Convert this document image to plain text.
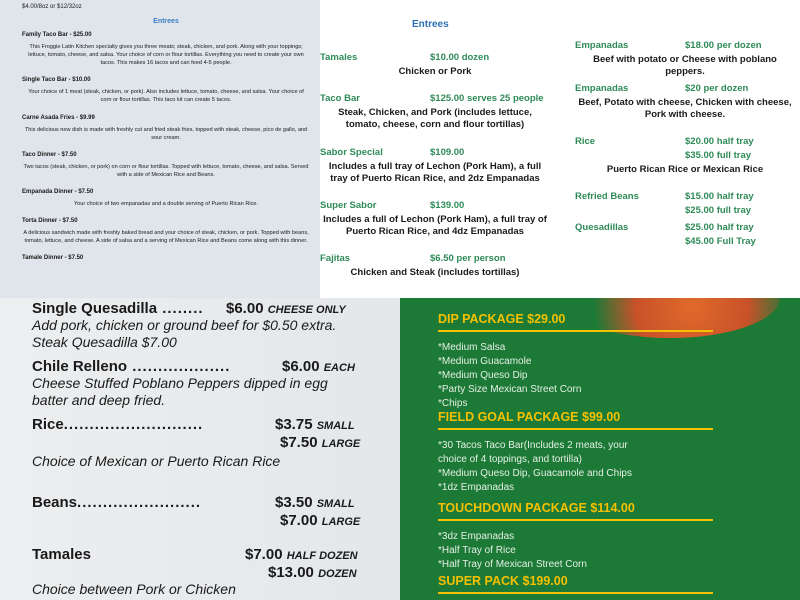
$4.00/8oz or $12/32oz
Entrees
Family Taco Bar - $25.00
This Froggie Latin Kitchen specialty gives you three meats; steak, chicken, and pork. Along with your toppings; lettuce, tomato, cheese, and salsa. Your choice of corn or flour tortillas. Everything you need to create your own tacos. This makes 16 tacos and can feed 4-5 people.
Single Taco Bar - $10.00
Your choice of 1 meat (steak, chicken, or pork). Also includes lettuce, tomato, cheese, and salsa. Your choice of corn or flour tortillas. This taco kit can create 5 tacos.
Carne Asada Fries - $9.99
This delicious new dish is made with freshly cut and fried steak fries, topped with steak, cheese, pico de gallo, and sour cream.
Taco Dinner - $7.50
Two tacos (steak, chicken, or pork) on corn or flour tortillas. Topped with lettuce, tomato, cheese, and salsa. Served with a side of Mexican Rice and Beans.
Empanada Dinner - $7.50
Your choice of two empanadas and a double serving of Puerto Rican Rice.
Torta Dinner - $7.50
A delicious sandwich made with freshly baked bread and your choice of steak, chicken, or pork. Topped with beans, tomato, lettuce, and cheese. A side of salsa and a serving of Mexican Rice and Beans come along with this dinner.
Tamale Dinner - $7.50
Entrees
Tamales	$10.00 dozen
Chicken or Pork
Taco Bar	$125.00 serves 25 people
Steak, Chicken, and Pork (includes lettuce, tomato, cheese, corn and flour tortillas)
Sabor Special	$109.00
Includes a full tray of Lechon (Pork Ham), a full tray of Puerto Rican Rice, and 2dz Empanadas
Super Sabor	$139.00
Includes a full of Lechon (Pork Ham), a full tray of Puerto Rican Rice, and 4dz Empanadas
Fajitas	$6.50 per person
Chicken and Steak (includes tortillas)
Empanadas	$18.00 per dozen
Beef with potato or Cheese with poblano peppers.
Empanadas	$20 per dozen
Beef, Potato with cheese, Chicken with cheese, Pork with cheese.
Rice	$20.00 half tray
$35.00 full tray
Puerto Rican Rice or Mexican Rice
Refried Beans	$15.00 half tray
$25.00 full tray
Quesadillas	$25.00 half tray
$45.00 Full Tray
Single Quesadilla ........ $6.00 CHEESE ONLY
Add pork, chicken or ground beef for $0.50 extra.
Steak Quesadilla $7.00
Chile Relleno ...................	$6.00 EACH
Cheese Stuffed Poblano Peppers dipped in egg
batter and deep fried.
Rice...........................	$3.75 SMALL
$7.50 LARGE
Choice of Mexican or Puerto Rican Rice
Beans........................	$3.50 SMALL
$7.00 LARGE
Tamales	$7.00 HALF DOZEN
$13.00 DOZEN
Choice between Pork or Chicken
DIP PACKAGE $29.00
*Medium Salsa
*Medium Guacamole
*Medium Queso Dip
*Party Size Mexican Street Corn
*Chips
FIELD GOAL PACKAGE $99.00
*30 Tacos Taco Bar(Includes 2 meats, your
choice of 4 toppings, and tortilla)
*Medium Queso Dip, Guacamole and Chips
*1dz Empanadas
TOUCHDOWN PACKAGE $114.00
*3dz Empanadas
*Half Tray of Rice
*Half Tray of Mexican Street Corn
SUPER PACK $199.00
